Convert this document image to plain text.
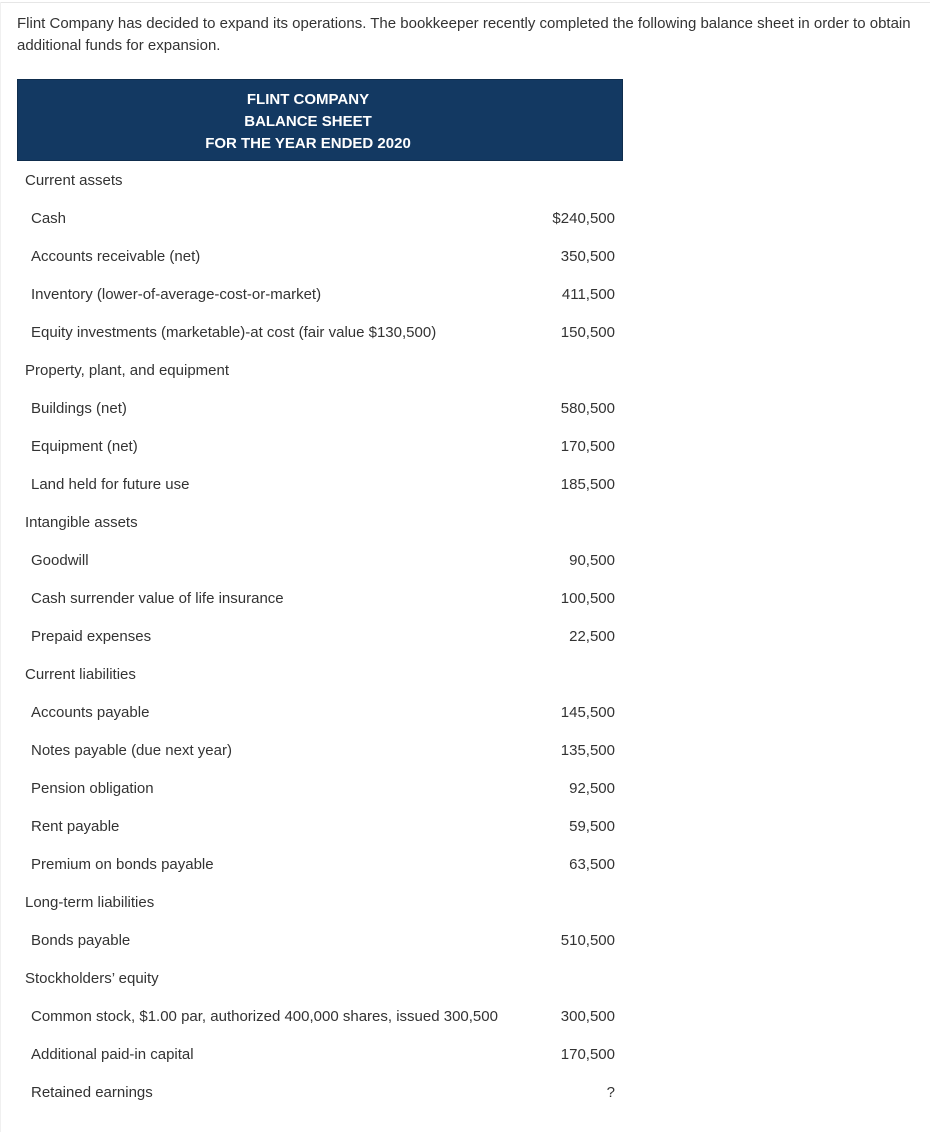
Flint Company has decided to expand its operations. The bookkeeper recently completed the following balance sheet in order to obtain additional funds for expansion.

FLINT COMPANY
BALANCE SHEET
FOR THE YEAR ENDED 2020
Current assets
Cash	$240,500
Accounts receivable (net)	350,500
Inventory (lower-of-average-cost-or-market)	411,500
Equity investments (marketable)-at cost (fair value $130,500)	150,500
Property, plant, and equipment
Buildings (net)	580,500
Equipment (net)	170,500
Land held for future use	185,500
Intangible assets
Goodwill	90,500
Cash surrender value of life insurance	100,500
Prepaid expenses	22,500
Current liabilities
Accounts payable	145,500
Notes payable (due next year)	135,500
Pension obligation	92,500
Rent payable	59,500
Premium on bonds payable	63,500
Long-term liabilities
Bonds payable	510,500
Stockholders’ equity
Common stock, $1.00 par, authorized 400,000 shares, issued 300,500	300,500
Additional paid-in capital	170,500
Retained earnings	?
